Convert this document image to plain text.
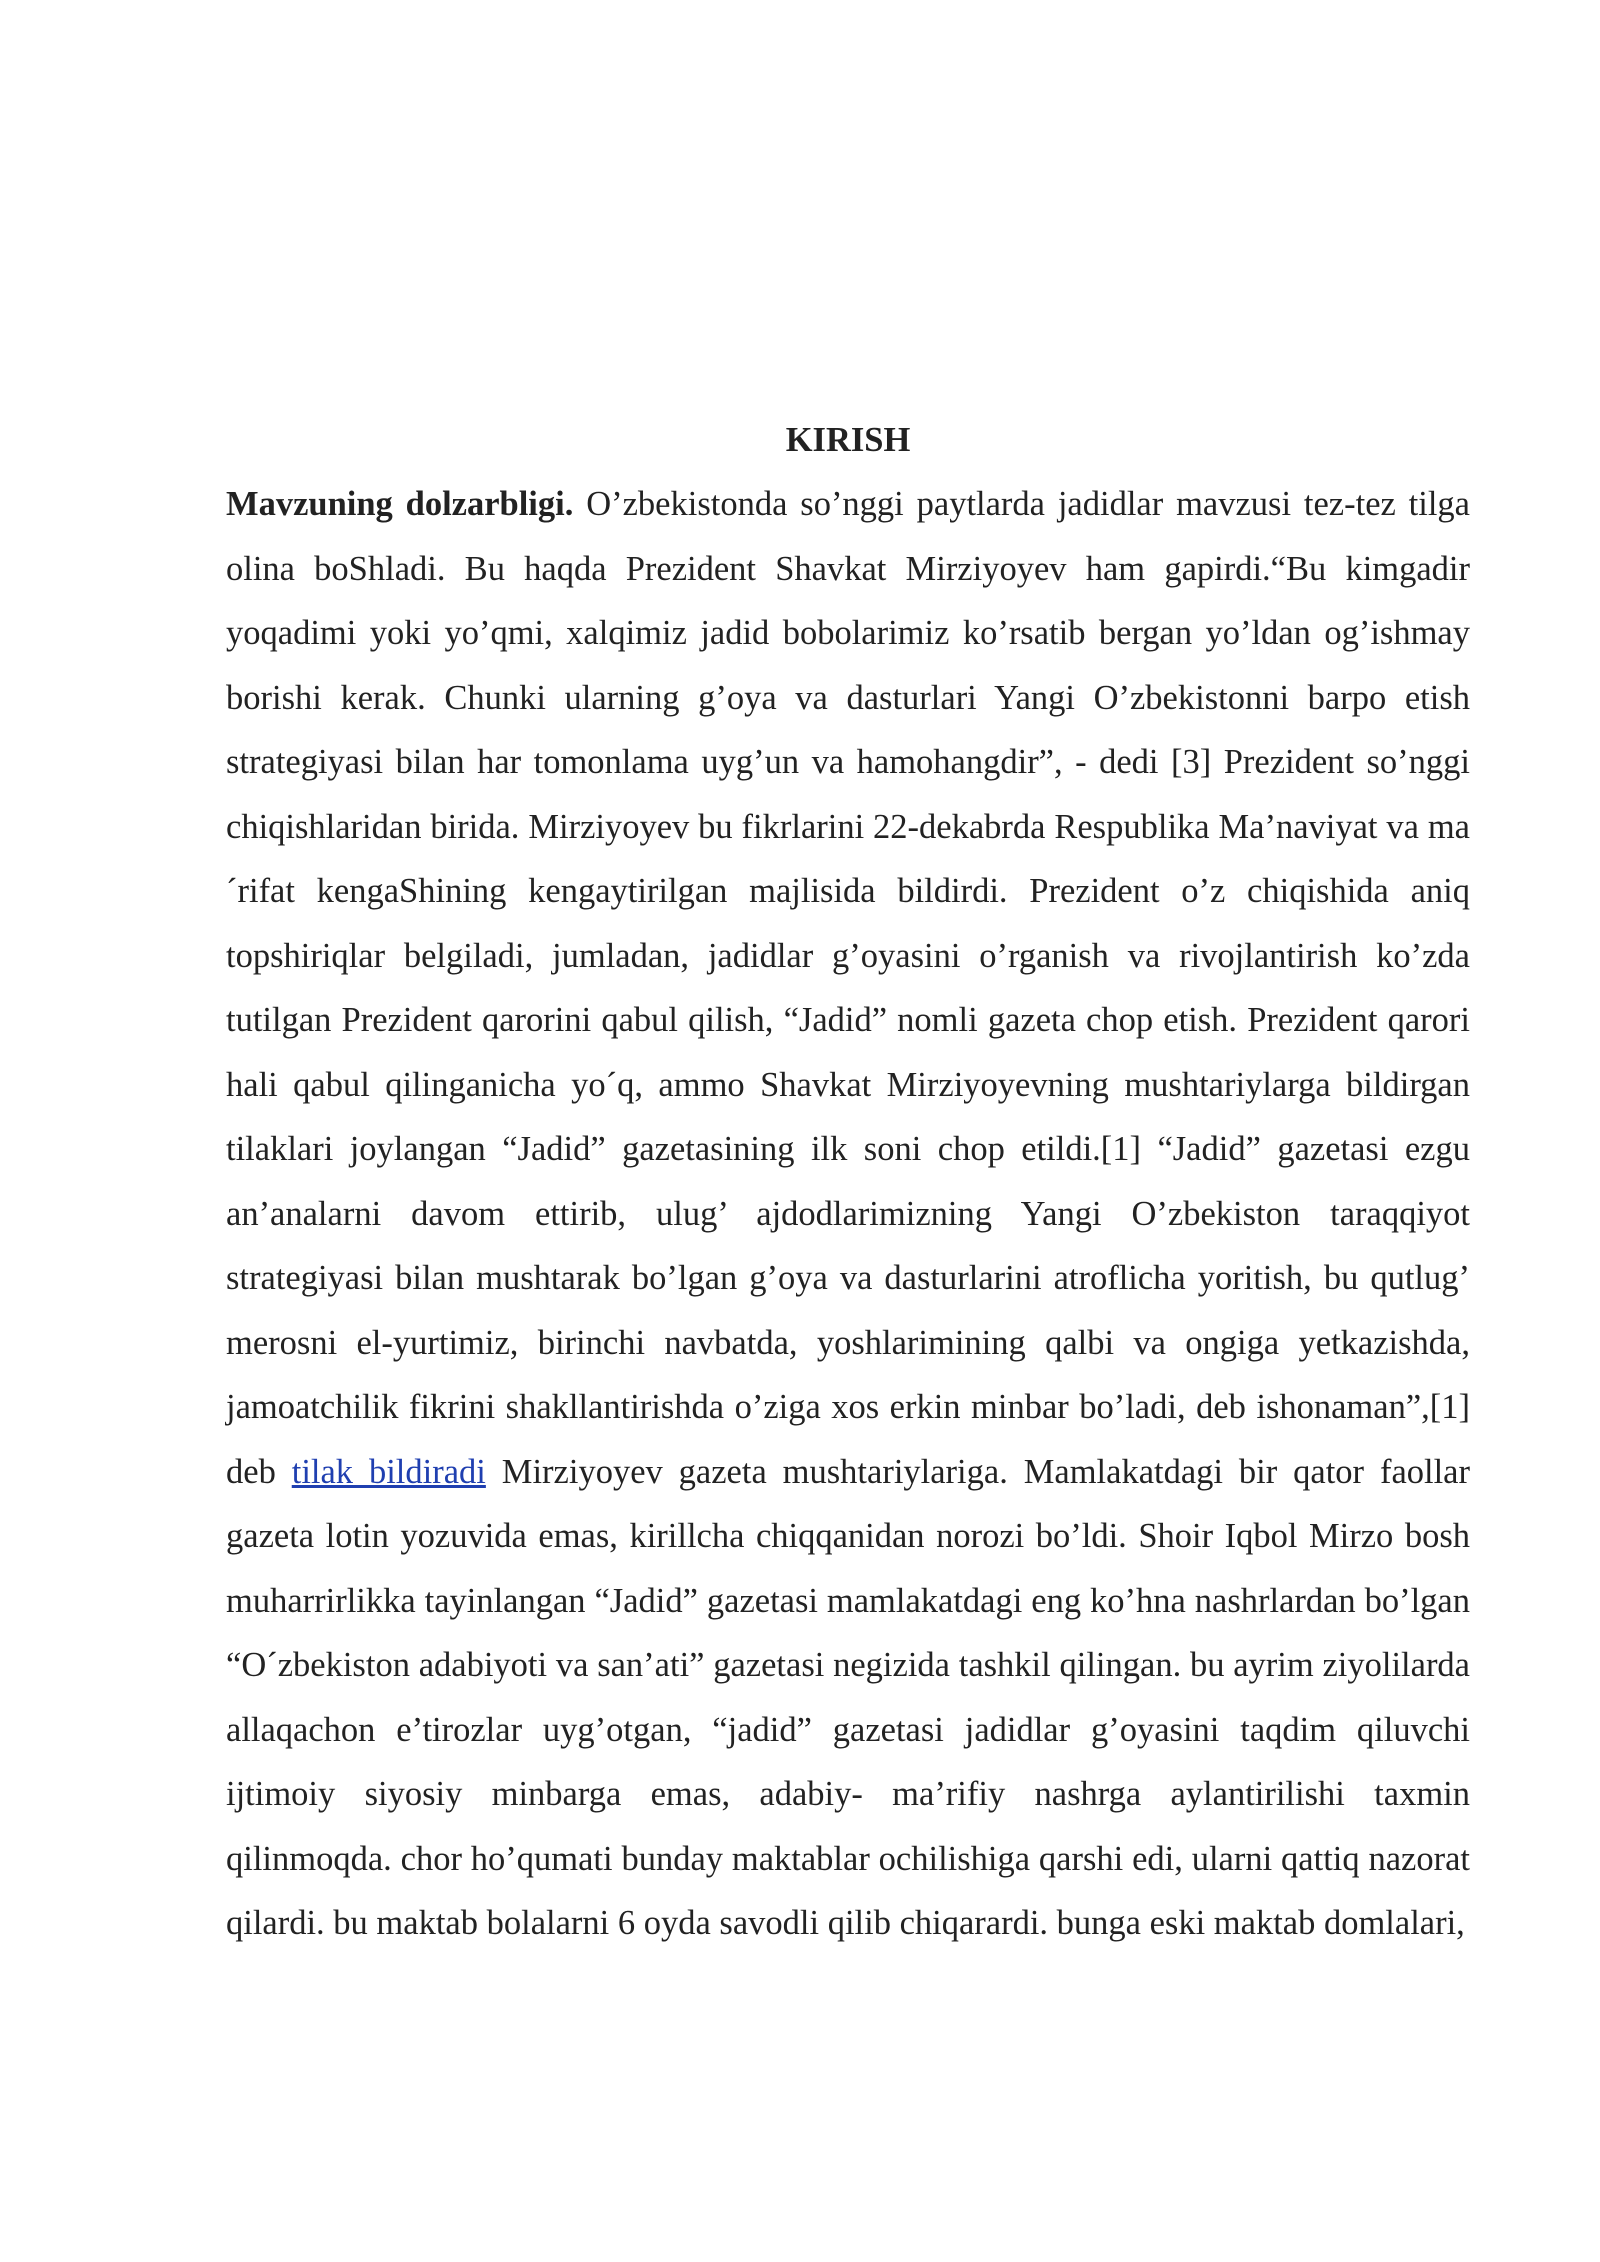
KIRISH

Mavzuning dolzarbligi. O’zbekistonda so’nggi paytlarda jadidlar mavzusi tez-tez tilga olina boShladi. Bu haqda Prezident Shavkat Mirziyoyev ham gapirdi.“Bu kimgadir yoqadimi yoki yo’qmi, xalqimiz jadid bobolarimiz ko’rsatib bergan yo’ldan og’ishmay borishi kerak. Chunki ularning g’oya va dasturlari Yangi O’zbekistonni barpo etish strategiyasi bilan har tomonlama uyg’un va hamohangdir”, - dedi [3] Prezident so’nggi chiqishlaridan birida. Mirziyoyev bu fikrlarini 22-dekabrda Respublika Ma’naviyat va ma´rifat kengaShining kengaytirilgan majlisida bildirdi. Prezident o’z chiqishida aniq topshiriqlar belgiladi, jumladan, jadidlar g’oyasini o’rganish va rivojlantirish ko’zda tutilgan Prezident qarorini qabul qilish, “Jadid” nomli gazeta chop etish. Prezident qarori hali qabul qilinganicha yo´q, ammo Shavkat Mirziyoyevning mushtariylarga bildirgan tilaklari joylangan “Jadid” gazetasining ilk soni chop etildi.[1] “Jadid” gazetasi ezgu an’analarni davom ettirib, ulug’ ajdodlarimizning Yangi O’zbekiston taraqqiyot strategiyasi bilan mushtarak bo’lgan g’oya va dasturlarini atroflicha yoritish, bu qutlug’ merosni el-yurtimiz, birinchi navbatda, yoshlarimining qalbi va ongiga yetkazishda, jamoatchilik fikrini shakllantirishda o’ziga xos erkin minbar bo’ladi, deb ishonaman”,[1] deb tilak bildiradi Mirziyoyev gazeta mushtariylariga. Mamlakatdagi bir qator faollar gazeta lotin yozuvida emas, kirillcha chiqqanidan norozi bo’ldi. Shoir Iqbol Mirzo bosh muharrirlikka tayinlangan “Jadid” gazetasi mamlakatdagi eng ko’hna nashrlardan bo’lgan “O´zbekiston adabiyoti va san’ati” gazetasi negizida tashkil qilingan. bu ayrim ziyolilarda allaqachon e’tirozlar uyg’otgan, “jadid” gazetasi jadidlar g’oyasini taqdim qiluvchi ijtimoiy siyosiy minbarga emas, adabiy- ma’rifiy nashrga aylantirilishi taxmin qilinmoqda. chor ho’qumati bunday maktablar ochilishiga qarshi edi, ularni qattiq nazorat qilardi. bu maktab bolalarni 6 oyda savodli qilib chiqarardi. bunga eski maktab domlalari,
